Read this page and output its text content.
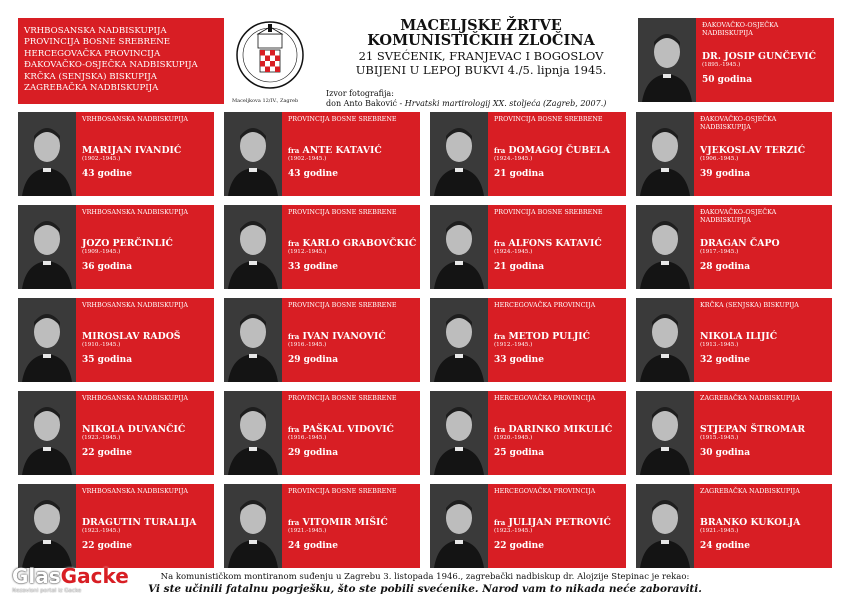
VRHBOSANSKA NADBISKUPIJA
PROVINCIJA BOSNE SREBRENE
HERCEGOVAČKA PROVINCIJA
ĐAKOVAČKO-OSJEČKA NADBISKUPIJA
KRČKA (SENJSKA) BISKUPIJA
ZAGREBAČKA NADBISKUPIJA
Maceljkova 12/IV., Zagreb
MACELJSKE ŽRTVE
KOMUNISTIČKIH ZLOČINA
21 SVEĆENIK, FRANJEVAC I BOGOSLOV
UBIJENI U LEPOJ BUKVI 4./5. lipnja 1945.
Izvor fotografija:
don Anto Baković - Hrvatski martirologij XX. stoljeća (Zagreb, 2007.)
ĐAKOVAČKO-OSJEČKA NADBISKUPIJA
DR. JOSIP GUNČEVIĆ
(1895.-1945.)
50 godina
VRHBOSANSKA NADBISKUPIJA
MARIJAN IVANDIĆ
(1902.-1945.)
43 godine
PROVINCIJA BOSNE SREBRENE
fra ANTE KATAVIĆ
(1902.-1945.)
43 godine
PROVINCIJA BOSNE SREBRENE
fra DOMAGOJ ČUBELA
(1924.-1945.)
21 godina
ĐAKOVAČKO-OSJEČKA NADBISKUPIJA
VJEKOSLAV TERZIĆ
(1906.-1945.)
39 godina
VRHBOSANSKA NADBISKUPIJA
JOZO PERČINLIĆ
(1909.-1945.)
36 godina
PROVINCIJA BOSNE SREBRENE
fra KARLO GRABOVČKIĆ
(1912.-1945.)
33 godine
PROVINCIJA BOSNE SREBRENE
fra ALFONS KATAVIĆ
(1924.-1945.)
21 godina
ĐAKOVAČKO-OSJEČKA NADBISKUPIJA
DRAGAN ČAPO
(1917.-1945.)
28 godina
VRHBOSANSKA NADBISKUPIJA
MIROSLAV RADOŠ
(1910.-1945.)
35 godina
PROVINCIJA BOSNE SREBRENE
fra IVAN IVANOVIĆ
(1916.-1945.)
29 godina
HERCEGOVAČKA PROVINCIJA
fra METOD PULJIĆ
(1912.-1945.)
33 godine
KRČKA (SENJSKA) BISKUPIJA
NIKOLA ILIJIĆ
(1913.-1945.)
32 godine
VRHBOSANSKA NADBISKUPIJA
NIKOLA DUVANČIĆ
(1923.-1945.)
22 godine
PROVINCIJA BOSNE SREBRENE
fra PAŠKAL VIDOVIĆ
(1916.-1945.)
29 godina
HERCEGOVAČKA PROVINCIJA
fra DARINKO MIKULIĆ
(1920.-1945.)
25 godina
ZAGREBAČKA NADBISKUPIJA
STJEPAN ŠTROMAR
(1915.-1945.)
30 godina
VRHBOSANSKA NADBISKUPIJA
DRAGUTIN TURALIJA
(1923.-1945.)
22 godine
PROVINCIJA BOSNE SREBRENE
fra VITOMIR MIŠIĆ
(1921.-1945.)
24 godine
HERCEGOVAČKA PROVINCIJA
fra JULIJAN PETROVIĆ
(1923.-1945.)
22 godine
ZAGREBAČKA NADBISKUPIJA
BRANKO KUKOLJA
(1921.-1945.)
24 godine
Na komunističkom montiranom suđenju u Zagrebu 3. listopada 1946., zagrebački nadbiskup dr. Alojzije Stepinac je rekao:
Vi ste učinili fatalnu pogrješku, što ste pobili svećenike. Narod vam to nikada neće zaboraviti.
GlasGacke
Nezavisni portal iz Gacke
